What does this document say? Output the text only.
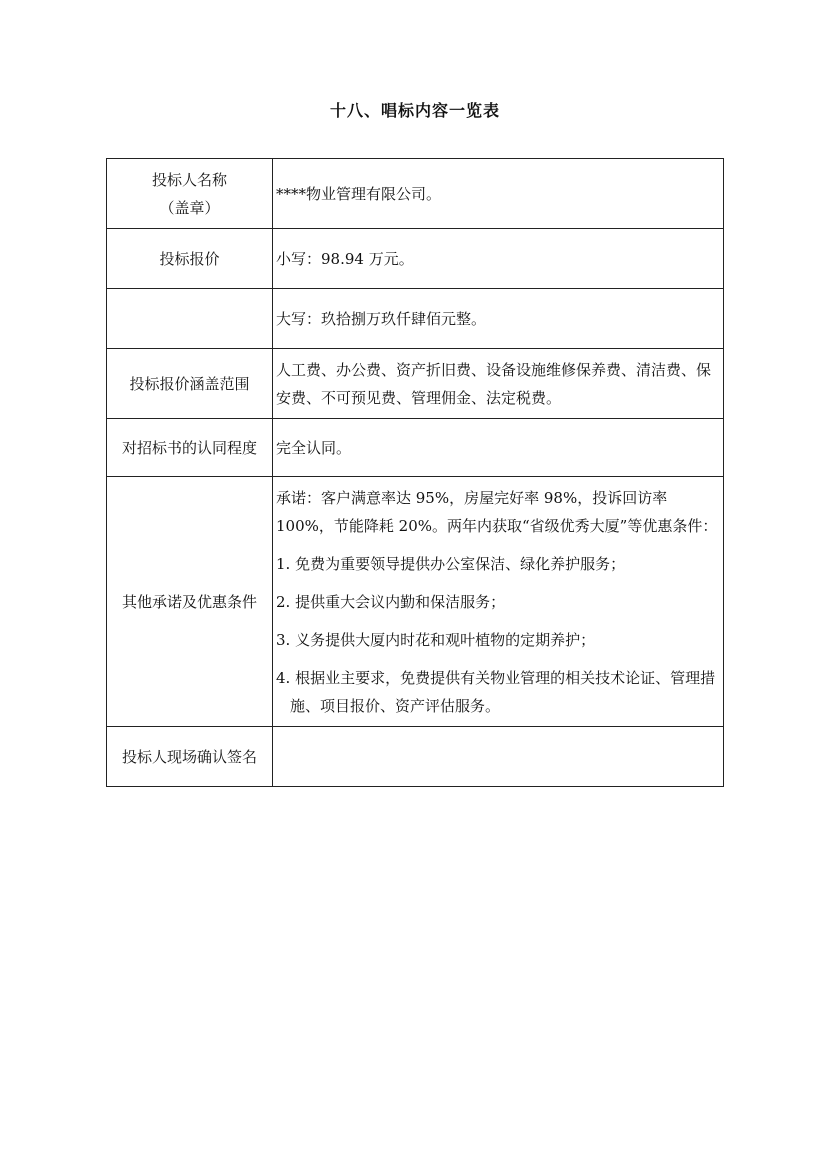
十八、唱标内容一览表
投标人名称
（盖章）	****物业管理有限公司。
投标报价	小写：98.94 万元。
	大写：玖拾捌万玖仟肆佰元整。
投标报价涵盖范围	人工费、办公费、资产折旧费、设备设施维修保养费、清洁费、保安费、不可预见费、管理佣金、法定税费。
对招标书的认同程度	完全认同。
其他承诺及优惠条件	承诺：客户满意率达 95%，房屋完好率 98%，投诉回访率 100%，节能降耗 20%。两年内获取“省级优秀大厦”等优惠条件：

1. 免费为重要领导提供办公室保洁、绿化养护服务；

2. 提供重大会议内勤和保洁服务；

3. 义务提供大厦内时花和观叶植物的定期养护；

4. 根据业主要求，免费提供有关物业管理的相关技术论证、管理措施、项目报价、资产评估服务。

投标人现场确认签名	
